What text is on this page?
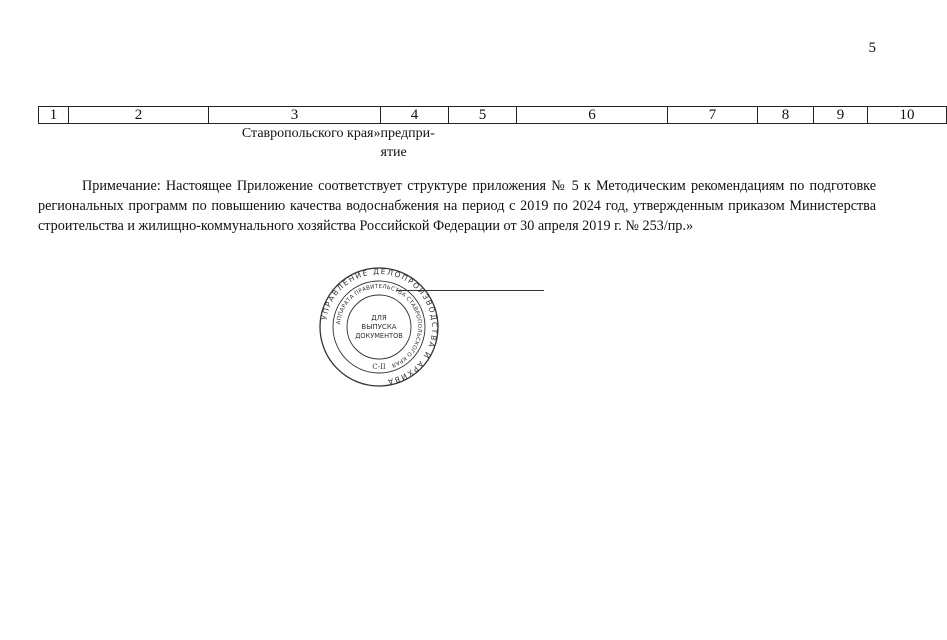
5
1	2	3	4	5	6	7	8	9	10
		Ставропольского края»	предпри-
ятие						

Примечание: Настоящее Приложение соответствует структуре приложения № 5 к Методическим рекомендациям по подготовке региональных программ по повышению качества водоснабжения на период с 2019 по 2024 год, утвержденным приказом Министерства строительства и жилищно-коммунального хозяйства Российской Федерации от 30 апреля 2019 г. № 253/пр.»

УПРАВЛЕНИЕ ДЕЛОПРОИЗВОДСТВА И АРХИВА
АППАРАТА ПРАВИТЕЛЬСТВА СТАВРОПОЛЬСКОГО КРАЯ
ДЛЯ
ВЫПУСКА
ДОКУМЕНТОВ
С-II
